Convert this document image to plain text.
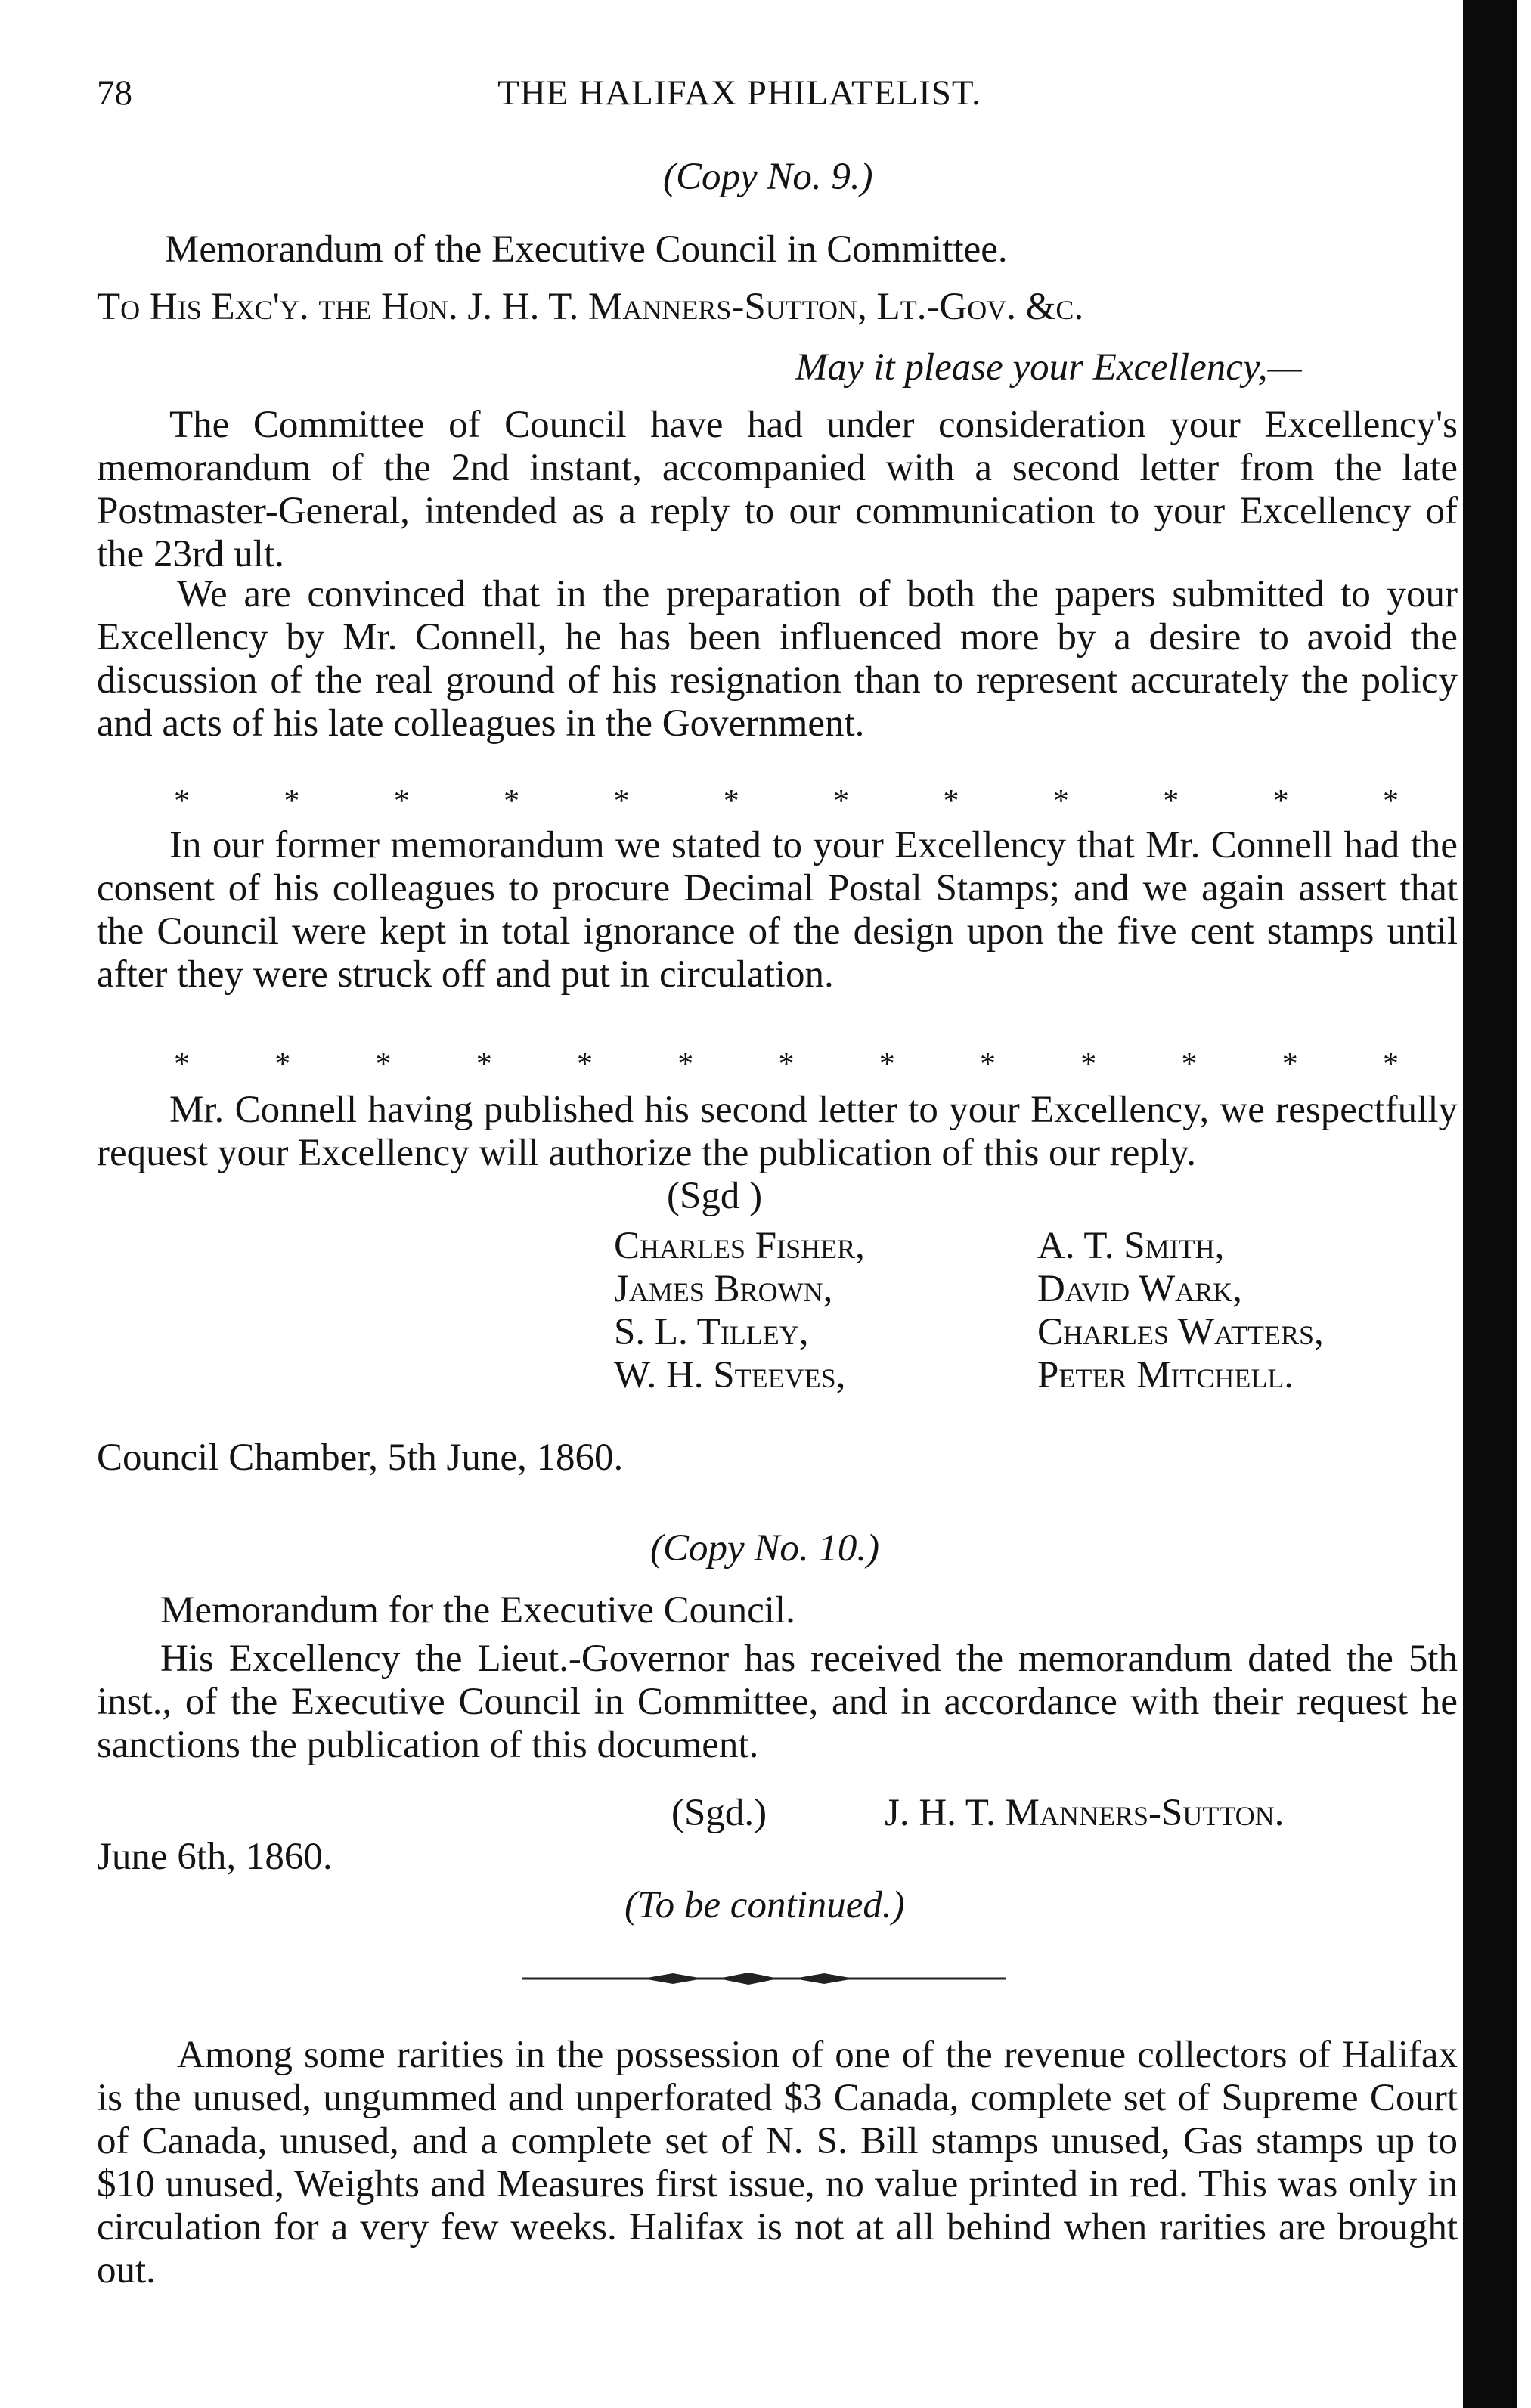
78	THE HALIFAX PHILATELIST.
(Copy No. 9.)
Memorandum of the Executive Council in Committee.
To His Exc'y. the Hon. J. H. T. Manners-Sutton, Lt.-Gov. &c.
May it please your Excellency,—
The Committee of Council have had under consideration your Excellency's memorandum of the 2nd instant, accompanied with a second letter from the late Postmaster-General, intended as a reply to our communication to your Excellency of the 23rd ult.
We are convinced that in the preparation of both the papers submitted to your Excellency by Mr. Connell, he has been influenced more by a desire to avoid the discussion of the real ground of his resignation than to represent accurately the policy and acts of his late colleagues in the Government.
*	*	*	*	*	*	*	*	*	*	*	*
In our former memorandum we stated to your Excellency that Mr. Connell had the consent of his colleagues to procure Decimal Postal Stamps; and we again assert that the Council were kept in total ignorance of the design upon the five cent stamps until after they were struck off and put in circulation.
*	*	*	*	*	*	*	*	*	*	*	*	*
Mr. Connell having published his second letter to your Excellency, we respectfully request your Excellency will authorize the publication of this our reply.
(Sgd )
Charles Fisher,	A. T. Smith,
James Brown,	David Wark,
S. L. Tilley,	Charles Watters,
W. H. Steeves,	Peter Mitchell.
Council Chamber, 5th June, 1860.
(Copy No. 10.)
Memorandum for the Executive Council.
His Excellency the Lieut.-Governor has received the memorandum dated the 5th inst., of the Executive Council in Committee, and in accordance with their request he sanctions the publication of this document.
(Sgd.)	J. H. T. Manners-Sutton.
June 6th, 1860.
(To be continued.)
Among some rarities in the possession of one of the revenue collectors of Halifax is the unused, ungummed and unperforated $3 Canada, complete set of Supreme Court of Canada, unused, and a complete set of N. S. Bill stamps unused, Gas stamps up to $10 unused, Weights and Measures first issue, no value printed in red. This was only in circulation for a very few weeks. Halifax is not at all behind when rarities are brought out.
